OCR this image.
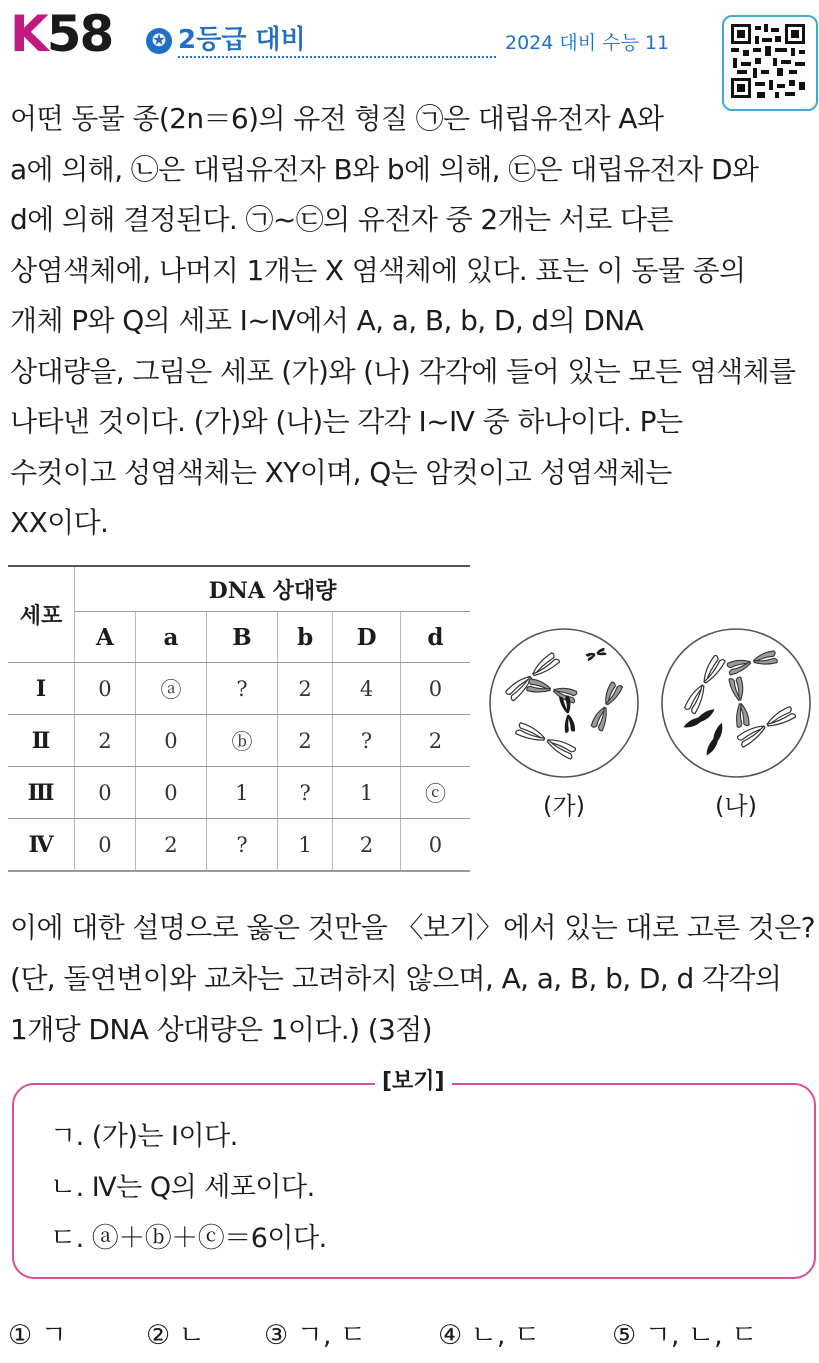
K58	✪ 2등급 대비	2024 대비 수능 11
어떤 동물 종(2n＝6)의 유전 형질 ㉠은 대립유전자 A와
a에 의해, ㉡은 대립유전자 B와 b에 의해, ㉢은 대립유전자 D와
d에 의해 결정된다. ㉠~㉢의 유전자 중 2개는 서로 다른
상염색체에, 나머지 1개는 X 염색체에 있다. 표는 이 동물 종의
개체 P와 Q의 세포 Ⅰ~Ⅳ에서 A, a, B, b, D, d의 DNA
상대량을, 그림은 세포 (가)와 (나) 각각에 들어 있는 모든 염색체를
나타낸 것이다. (가)와 (나)는 각각 Ⅰ~Ⅳ 중 하나이다. P는
수컷이고 성염색체는 XY이며, Q는 암컷이고 성염색체는
XX이다.
세포	DNA 상대량					
	A	a	B	b	D	d
Ⅰ	0	ⓐ	?	2	4	0
Ⅱ	2	0	ⓑ	2	?	2
Ⅲ	0	0	1	?	1	ⓒ
Ⅳ	0	2	?	1	2	0
(가)	(나)
이에 대한 설명으로 옳은 것만을 〈보기〉에서 있는 대로 고른 것은?
(단, 돌연변이와 교차는 고려하지 않으며, A, a, B, b, D, d 각각의
1개당 DNA 상대량은 1이다.) (3점)
[보기]
ㄱ. (가)는 Ⅰ이다.
ㄴ. Ⅳ는 Q의 세포이다.
ㄷ. ⓐ＋ⓑ＋ⓒ＝6이다.
① ㄱ	② ㄴ ③ ㄱ, ㄷ	④ ㄴ, ㄷ	⑤ ㄱ, ㄴ, ㄷ
